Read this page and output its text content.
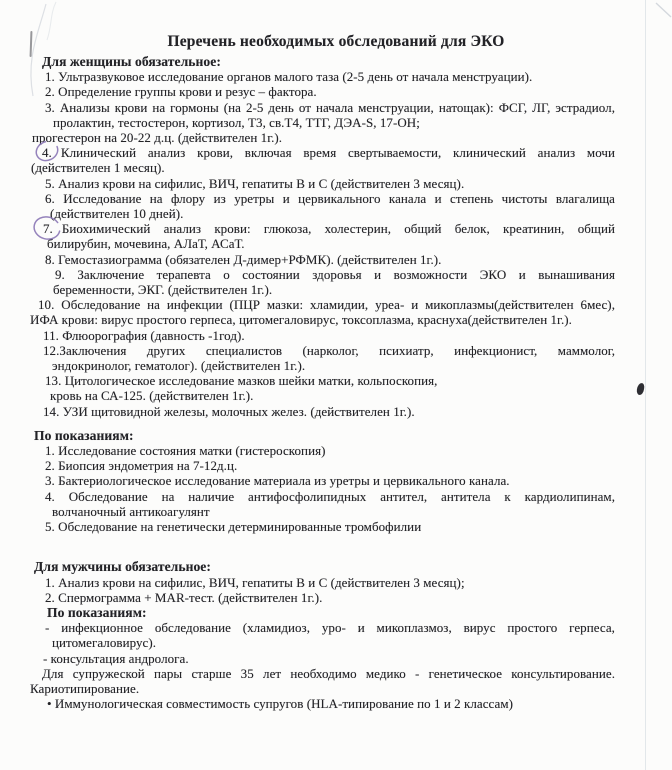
Перечень необходимых обследований для ЭКО
Для женщины обязательное:
1. Ультразвуковое исследование органов малого таза (2-5 день от начала менструации).
2. Определение группы крови и резус – фактора.
3. Анализы крови на гормоны (на 2-5 день от начала менструации, натощак): ФСГ, ЛГ, эстрадиол,
пролактин, тестостерон, кортизол, Т3, св.Т4, ТТГ, ДЭА-S, 17-ОН;
прогестерон на 20-22 д.ц. (действителен 1г.).
4. Клинический анализ крови, включая время свертываемости, клинический анализ мочи
(действителен 1 месяц).
5. Анализ крови на сифилис, ВИЧ, гепатиты В и С (действителен 3 месяц).
6. Исследование на флору из уретры и цервикального канала и степень чистоты влагалища
(действителен 10 дней).
7. Биохимический анализ крови: глюкоза, холестерин, общий белок, креатинин, общий
билирубин, мочевина, АЛаТ, АСаТ.
8. Гемостазиограмма (обязателен Д-димер+РФМК). (действителен 1г.).
9. Заключение терапевта о состоянии здоровья и возможности ЭКО и вынашивания
беременности, ЭКГ. (действителен 1г.).
10. Обследование на инфекции (ПЦР мазки: хламидии, уреа- и микоплазмы(действителен 6мес),
ИФА крови: вирус простого герпеса, цитомегаловирус, токсоплазма, краснуха(действителен 1г.).
11. Флюорография (давность -1год).
12.Заключения других специалистов (нарколог, психиатр, инфекционист, маммолог,
эндокринолог, гематолог). (действителен 1г.).
13. Цитологическое исследование мазков шейки матки, кольпоскопия,
кровь на СА-125. (действителен 1г.).
14. УЗИ щитовидной железы, молочных желез. (действителен 1г.).
По показаниям:
1. Исследование состояния матки (гистероскопия)
2. Биопсия эндометрия на 7-12д.ц.
3. Бактериологическое исследование материала из уретры и цервикального канала.
4. Обследование на наличие антифосфолипидных антител, антитела к кардиолипинам,
волчаночный антикоагулянт
5. Обследование на генетически детерминированные тромбофилии
Для мужчины обязательное:
1. Анализ крови на сифилис, ВИЧ, гепатиты В и С (действителен 3 месяц);
2. Спермограмма + MAR-тест. (действителен 1г.).
По показаниям:
- инфекционное обследование (хламидиоз, уро- и микоплазмоз, вирус простого герпеса,
цитомегаловирус).
- консультация андролога.
Для супружеской пары старше 35 лет необходимо медико - генетическое консультирование.
Кариотипирование.
• Иммунологическая совместимость супругов (HLA-типирование по 1 и 2 классам)
